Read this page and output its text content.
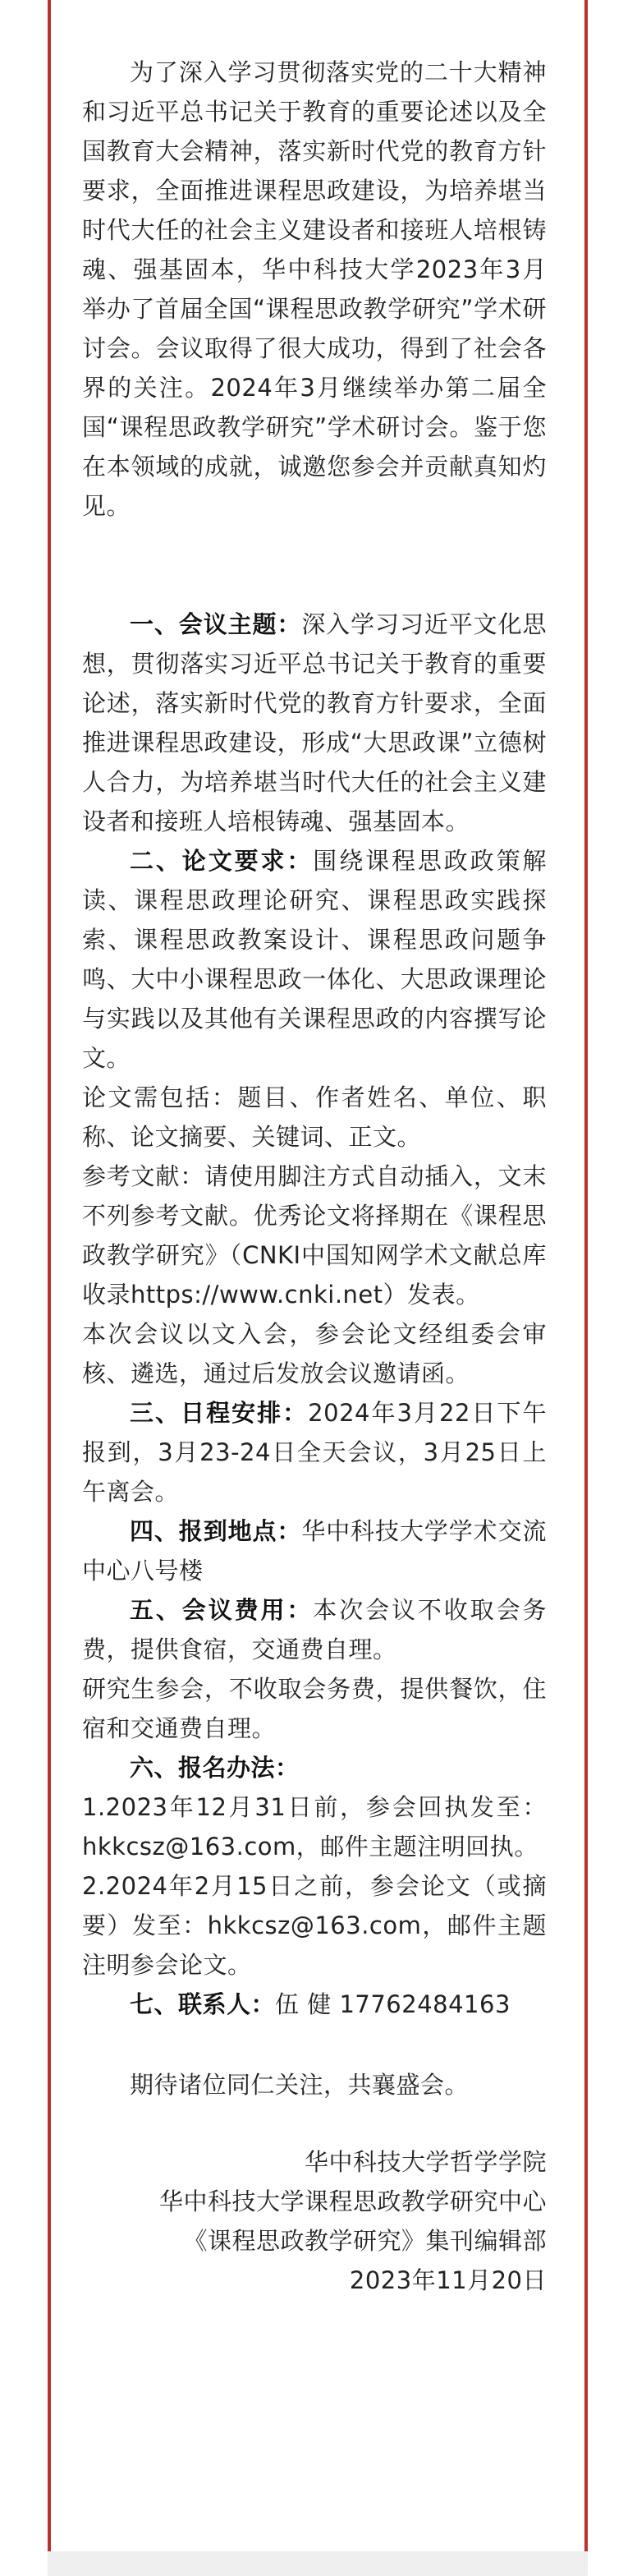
为了深入学习贯彻落实党的二十大精神和习近平总书记关于教育的重要论述以及全国教育大会精神，落实新时代党的教育方针要求，全面推进课程思政建设，为培养堪当时代大任的社会主义建设者和接班人培根铸魂、强基固本，华中科技大学2023年3月举办了首届全国“课程思政教学研究”学术研讨会。会议取得了很大成功，得到了社会各界的关注。2024年3月继续举办第二届全国“课程思政教学研究”学术研讨会。鉴于您在本领域的成就，诚邀您参会并贡献真知灼见。

一、会议主题：深入学习习近平文化思想，贯彻落实习近平总书记关于教育的重要论述，落实新时代党的教育方针要求，全面推进课程思政建设，形成“大思政课”立德树人合力，为培养堪当时代大任的社会主义建设者和接班人培根铸魂、强基固本。

二、论文要求：围绕课程思政政策解读、课程思政理论研究、课程思政实践探索、课程思政教案设计、课程思政问题争鸣、大中小课程思政一体化、大思政课理论与实践以及其他有关课程思政的内容撰写论文。

论文需包括：题目、作者姓名、单位、职称、论文摘要、关键词、正文。

参考文献：请使用脚注方式自动插入，文末不列参考文献。优秀论文将择期在《课程思政教学研究》（CNKI中国知网学术文献总库收录https://www.cnki.net）发表。

本次会议以文入会，参会论文经组委会审核、遴选，通过后发放会议邀请函。

三、日程安排：2024年3月22日下午报到，3月23-24日全天会议，3月25日上午离会。

四、报到地点：华中科技大学学术交流中心八号楼

五、会议费用：本次会议不收取会务费，提供食宿，交通费自理。

研究生参会，不收取会务费，提供餐饮，住宿和交通费自理。

六、报名办法：

1.2023年12月31日前，参会回执发至：hkkcsz@163.com，邮件主题注明回执。

2.2024年2月15日之前，参会论文（或摘要）发至：hkkcsz@163.com，邮件主题注明参会论文。

七、联系人：伍 健 17762484163

期待诸位同仁关注，共襄盛会。

华中科技大学哲学学院
华中科技大学课程思政教学研究中心
《课程思政教学研究》集刊编辑部
2023年11月20日
